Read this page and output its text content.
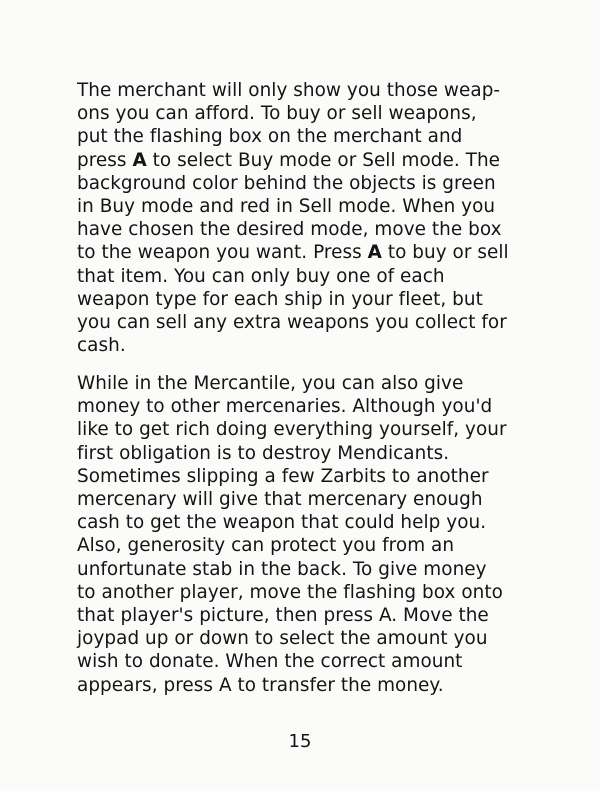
The merchant will only show you those weap-
ons you can afford. To buy or sell weapons,
put the flashing box on the merchant and
press A to select Buy mode or Sell mode. The
background color behind the objects is green
in Buy mode and red in Sell mode. When you
have chosen the desired mode, move the box
to the weapon you want. Press A to buy or sell
that item. You can only buy one of each
weapon type for each ship in your fleet, but
you can sell any extra weapons you collect for
cash.

While in the Mercantile, you can also give
money to other mercenaries. Although you'd
like to get rich doing everything yourself, your
first obligation is to destroy Mendicants.
Sometimes slipping a few Zarbits to another
mercenary will give that mercenary enough
cash to get the weapon that could help you.
Also, generosity can protect you from an
unfortunate stab in the back. To give money
to another player, move the flashing box onto
that player's picture, then press A. Move the
joypad up or down to select the amount you
wish to donate. When the correct amount
appears, press A to transfer the money.

15
